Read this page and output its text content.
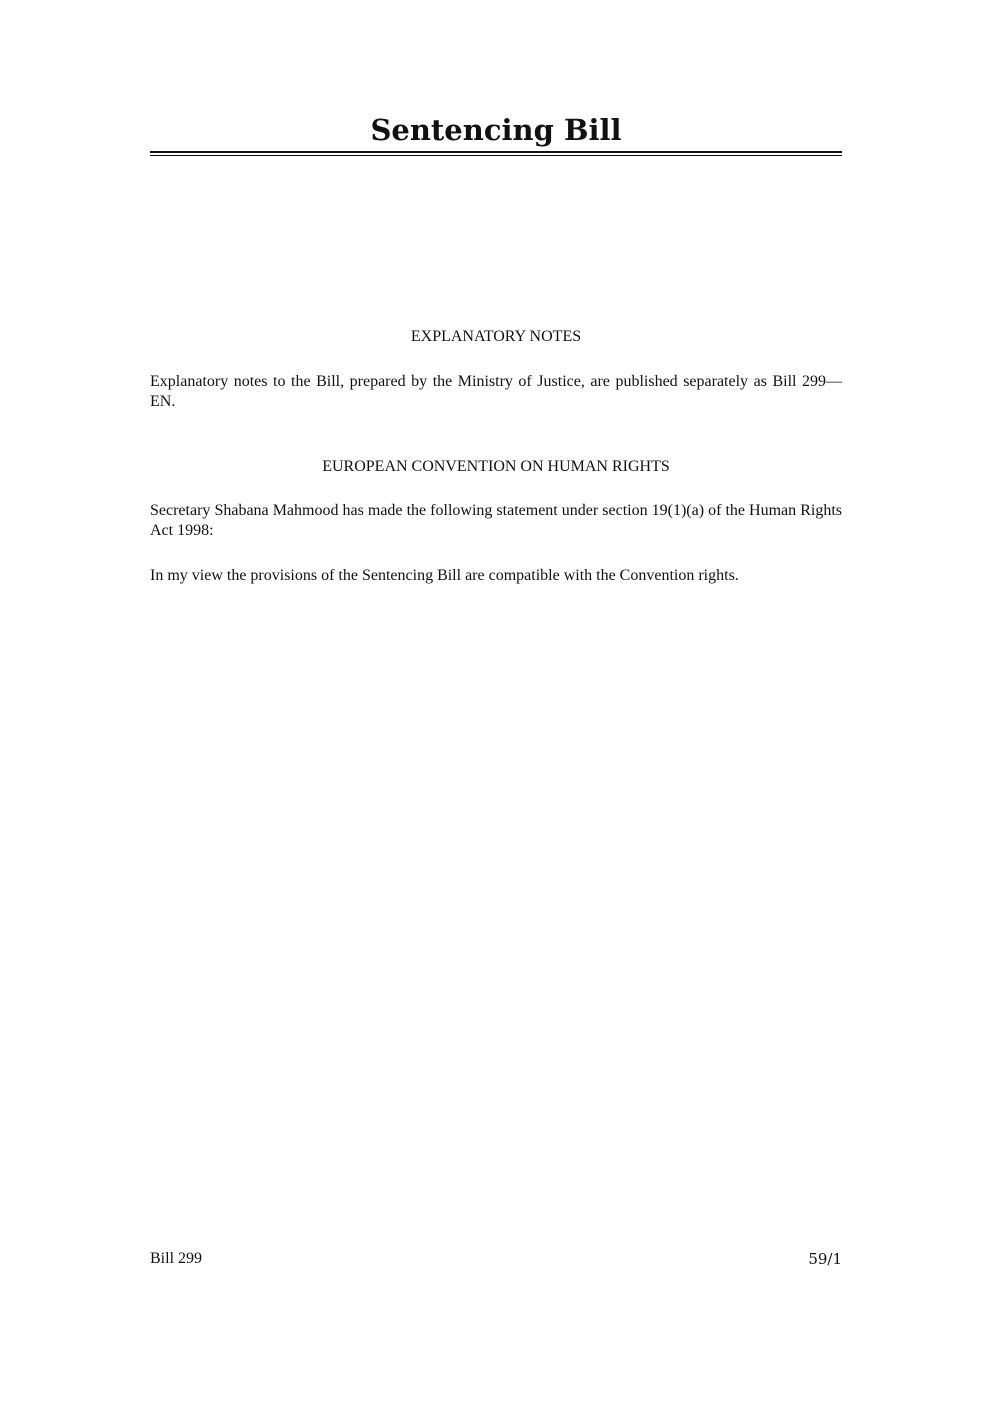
Sentencing Bill
EXPLANATORY NOTES

Explanatory notes to the Bill, prepared by the Ministry of Justice, are published separately as Bill 299—EN.

EUROPEAN CONVENTION ON HUMAN RIGHTS

Secretary Shabana Mahmood has made the following statement under section 19(1)(a) of the Human Rights Act 1998:

In my view the provisions of the Sentencing Bill are compatible with the Convention rights.

Bill 299	59/1
